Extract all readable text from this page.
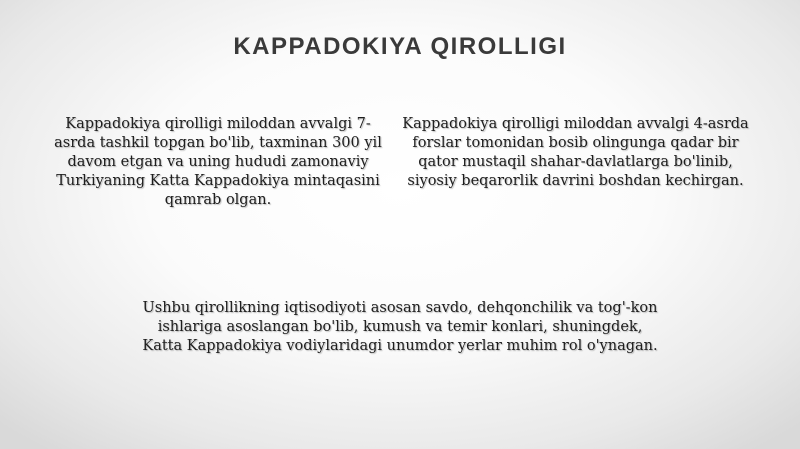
KAPPADOKIYA QIROLLIGI
Kappadokiya qirolligi miloddan avvalgi 7-
asrda tashkil topgan bo'lib, taxminan 300 yil
davom etgan va uning hududi zamonaviy
Turkiyaning Katta Kappadokiya mintaqasini
qamrab olgan.
Kappadokiya qirolligi miloddan avvalgi 4-asrda
forslar tomonidan bosib olingunga qadar bir
qator mustaqil shahar-davlatlarga bo'linib,
siyosiy beqarorlik davrini boshdan kechirgan.
Ushbu qirollikning iqtisodiyoti asosan savdo, dehqonchilik va tog'-kon
ishlariga asoslangan bo'lib, kumush va temir konlari, shuningdek,
Katta Kappadokiya vodiylaridagi unumdor yerlar muhim rol o'ynagan.
